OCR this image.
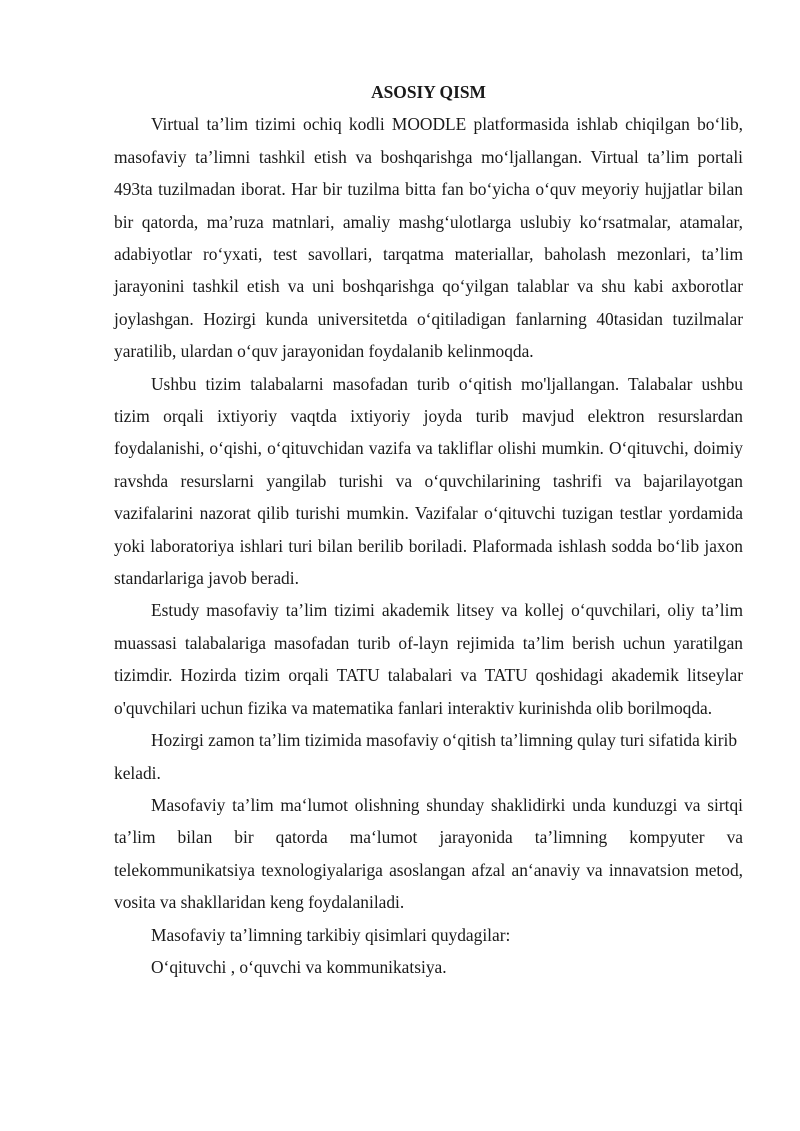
ASOSIY QISM

Virtual ta’lim tizimi ochiq kodli MOODLE platformasida ishlab chiqilgan bo‘lib, masofaviy ta’limni tashkil etish va boshqarishga mo‘ljallangan. Virtual ta’lim portali 493ta tuzilmadan iborat. Har bir tuzilma bitta fan bo‘yicha o‘quv meyoriy hujjatlar bilan bir qatorda, ma’ruza matnlari, amaliy mashg‘ulotlarga uslubiy ko‘rsatmalar, atamalar, adabiyotlar ro‘yxati, test savollari, tarqatma materiallar, baholash mezonlari, ta’lim jarayonini tashkil etish va uni boshqarishga qo‘yilgan talablar va shu kabi axborotlar joylashgan. Hozirgi kunda universitetda o‘qitiladigan fanlarning 40tasidan tuzilmalar yaratilib, ulardan o‘quv jarayonidan foydalanib kelinmoqda.

Ushbu tizim talabalarni masofadan turib o‘qitish mo'ljallangan. Talabalar ushbu tizim orqali ixtiyoriy vaqtda ixtiyoriy joyda turib mavjud elektron resurslardan foydalanishi, o‘qishi, o‘qituvchidan vazifa va takliflar olishi mumkin. O‘qituvchi, doimiy ravshda resurslarni yangilab turishi va o‘quvchilarining tashrifi va bajarilayotgan vazifalarini nazorat qilib turishi mumkin. Vazifalar o‘qituvchi tuzigan testlar yordamida yoki laboratoriya ishlari turi bilan berilib boriladi. Plaformada ishlash sodda bo‘lib jaxon standarlariga javob beradi.

Estudy masofaviy ta’lim tizimi akademik litsey va kollej o‘quvchilari, oliy ta’lim muassasi talabalariga masofadan turib of-layn rejimida ta’lim berish uchun yaratilgan tizimdir. Hozirda tizim orqali TATU talabalari va TATU qoshidagi akademik litseylar o'quvchilari uchun fizika va matematika fanlari interaktiv kurinishda olib borilmoqda.

Hozirgi zamon ta’lim tizimida masofaviy o‘qitish ta’limning qulay turi sifatida kirib keladi.

Masofaviy ta’lim ma‘lumot olishning shunday shaklidirki unda kunduzgi va sirtqi ta’lim bilan bir qatorda ma‘lumot jarayonida ta’limning kompyuter va telekommunikatsiya texnologiyalariga asoslangan afzal an‘anaviy va innavatsion metod, vosita va shakllaridan keng foydalaniladi.

Masofaviy ta’limning tarkibiy qisimlari quydagilar:

O‘qituvchi , o‘quvchi va kommunikatsiya.
